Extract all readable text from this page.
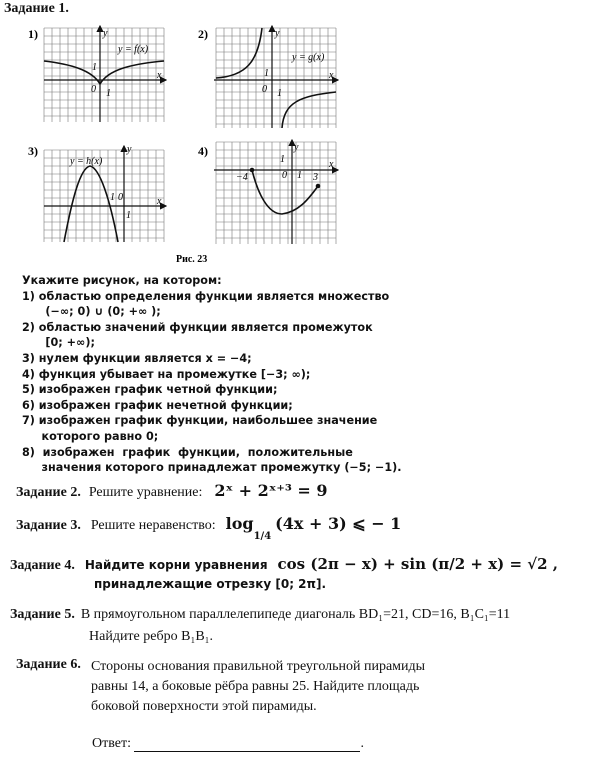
Задание 1.
1)
y = f(x)
y
x
1
0 1
2)
y = g(x)
y
x
1
0 1
3)
y = h(x)
y
x
1 0
1
4)	y
x
1
0 1
−4	3
Рис. 23
Укажите рисунок, на котором:
1) областью определения функции является множество
(−∞; 0) ∪ (0; +∞ );
2) областью значений функции является промежуток
[0; +∞);
3) нулем функции является x = −4;
4) функция убывает на промежутке [−3; ∞);
5) изображен график четной функции;
6) изображен график нечетной функции;
7) изображен график функции, наибольшее значение
которого равно 0;
8)  изображен  график  функции,  положительные
значения которого принадлежат промежутку (−5; −1).
Задание 2. Решите уравнение: 2ˣ + 2ˣ⁺³ = 9
Задание 3. Решите неравенство: $\log_{1/4} (4x + 3)$ ⩽ − 1
Задание 4. Найдите корни уравнения cos (2π − x) + sin (π/2 + x) = √2 ,
принадлежащие отрезку [0; 2π].
Задание 5. В прямоугольном параллелепипеде диагональ BD₁=21, CD=16, B₁C₁=11
Найдите ребро B₁B₁.
Задание 6. Стороны основания правильной треугольной пирамиды
равны 14, а боковые рёбра равны 25. Найдите площадь
боковой поверхности этой пирамиды.
Ответ:	.
